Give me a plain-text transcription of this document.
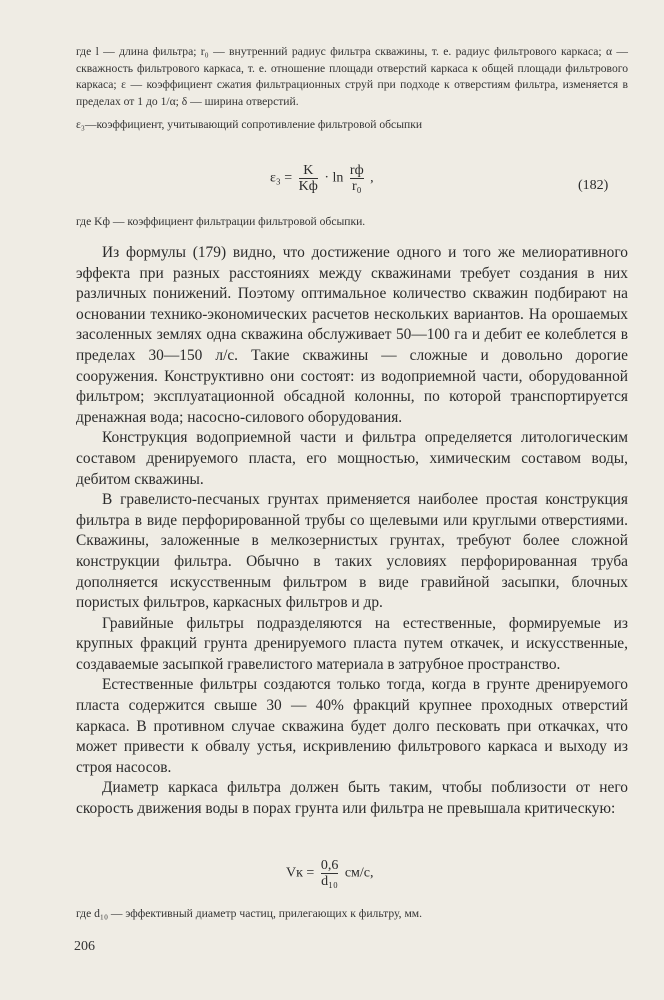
где l — длина фильтра; r₀ — внутренний радиус фильтра скважины, т. е. радиус фильтрового каркаса; α — скважность фильтрового каркаса, т. е. отношение площади отверстий каркаса к общей площади фильтрового каркаса; ε — коэффициент сжатия фильтрационных струй при подходе к отверстиям фильтра, изменяется в пределах от 1 до 1/α; δ — ширина отверстий.

ε₃—коэффициент, учитывающий сопротивление фильтровой обсыпки

$\varepsilon_3 = \frac{K}{Kф} \cdot \ln \frac{rф}{\text{r₀}}$ ,	(182)
где Kф — коэффициент фильтрации фильтровой обсыпки.

Из формулы (179) видно, что достижение одного и того же мелиоративного эффекта при разных расстояниях между скважинами требует создания в них различных понижений. Поэтому оптимальное количество скважин подбирают на основании технико-экономических расчетов нескольких вариантов. На орошаемых засоленных землях одна скважина обслуживает 50—100 га и дебит ее колеблется в пределах 30—150 л/с. Такие скважины — сложные и довольно дорогие сооружения. Конструктивно они состоят: из водоприемной части, оборудованной фильтром; эксплуатационной обсадной колонны, по которой транспортируется дренажная вода; насосно-силового оборудования.

Конструкция водоприемной части и фильтра определяется литологическим составом дренируемого пласта, его мощностью, химическим составом воды, дебитом скважины.

В гравелисто-песчаных грунтах применяется наиболее простая конструкция фильтра в виде перфорированной трубы со щелевыми или круглыми отверстиями. Скважины, заложенные в мелкозернистых грунтах, требуют более сложной конструкции фильтра. Обычно в таких условиях перфорированная труба дополняется искусственным фильтром в виде гравийной засыпки, блочных пористых фильтров, каркасных фильтров и др.

Гравийные фильтры подразделяются на естественные, формируемые из крупных фракций грунта дренируемого пласта путем откачек, и искусственные, создаваемые засыпкой гравелистого материала в затрубное пространство.

Естественные фильтры создаются только тогда, когда в грунте дренируемого пласта содержится свыше 30 — 40% фракций крупнее проходных отверстий каркаса. В противном случае скважина будет долго песковать при откачках, что может привести к обвалу устья, искривлению фильтрового каркаса и выходу из строя насосов.

Диаметр каркаса фильтра должен быть таким, чтобы поблизости от него скорость движения воды в порах грунта или фильтра не превышала критическую:

Vк = $\frac{0,6}{\text{d₁₀}} см/с$,
где d₁₀ — эффективный диаметр частиц, прилегающих к фильтру, мм.
206
